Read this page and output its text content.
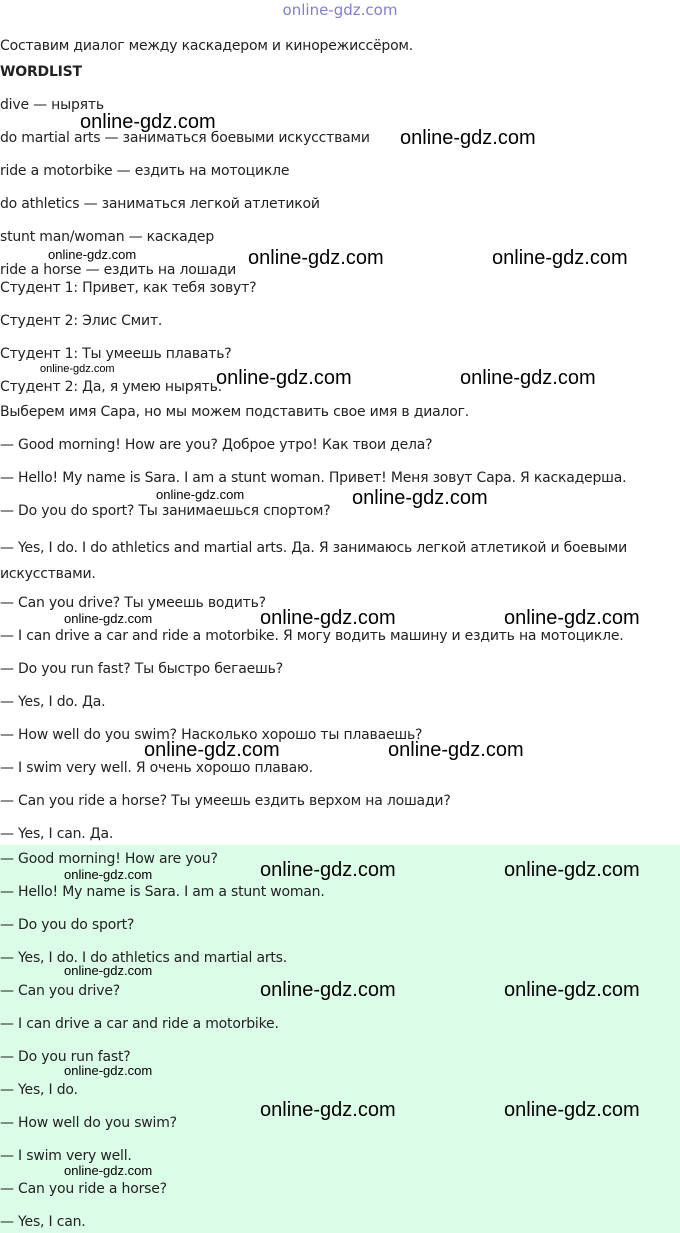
online-gdz.com
Составим диалог между каскадером и кинорежиссёром.
WORDLIST
dive — нырять
do martial arts — заниматься боевыми искусствами
ride a motorbike — ездить на мотоцикле
do athletics — заниматься легкой атлетикой
stunt man/woman — каскадер
ride a horse — ездить на лошади
Студент 1: Привет, как тебя зовут?
Студент 2: Элис Смит.
Студент 1: Ты умеешь плавать?
Студент 2: Да, я умею нырять.
Выберем имя Сара, но мы можем подставить свое имя в диалог.
— Good morning! How are you? Доброе утро! Как твои дела?
— Hello! My name is Sara. I am a stunt woman. Привет! Меня зовут Сара. Я каскадерша.
— Do you do sport? Ты занимаешься спортом?
— Yes, I do. I do athletics and martial arts. Да. Я занимаюсь легкой атлетикой и боевыми искусствами.
— Can you drive? Ты умеешь водить?
— I can drive a car and ride a motorbike. Я могу водить машину и ездить на мотоцикле.
— Do you run fast? Ты быстро бегаешь?
— Yes, I do. Да.
— How well do you swim? Насколько хорошо ты плаваешь?
— I swim very well. Я очень хорошо плаваю.
— Can you ride a horse? Ты умеешь ездить верхом на лошади?
— Yes, I can. Да.
— Good morning! How are you?
— Hello! My name is Sara. I am a stunt woman.
— Do you do sport?
— Yes, I do. I do athletics and martial arts.
— Can you drive?
— I can drive a car and ride a motorbike.
— Do you run fast?
— Yes, I do.
— How well do you swim?
— I swim very well.
— Can you ride a horse?
— Yes, I can.
online-gdz.com
online-gdz.com
online-gdz.com	online-gdz.com	online-gdz.com
online-gdz.com	online-gdz.com	online-gdz.com
online-gdz.com	online-gdz.com
online-gdz.com	online-gdz.com	online-gdz.com
online-gdz.com	online-gdz.com
online-gdz.com	online-gdz.com	online-gdz.com
online-gdz.com
online-gdz.com	online-gdz.com
online-gdz.com
online-gdz.com	online-gdz.com
online-gdz.com
